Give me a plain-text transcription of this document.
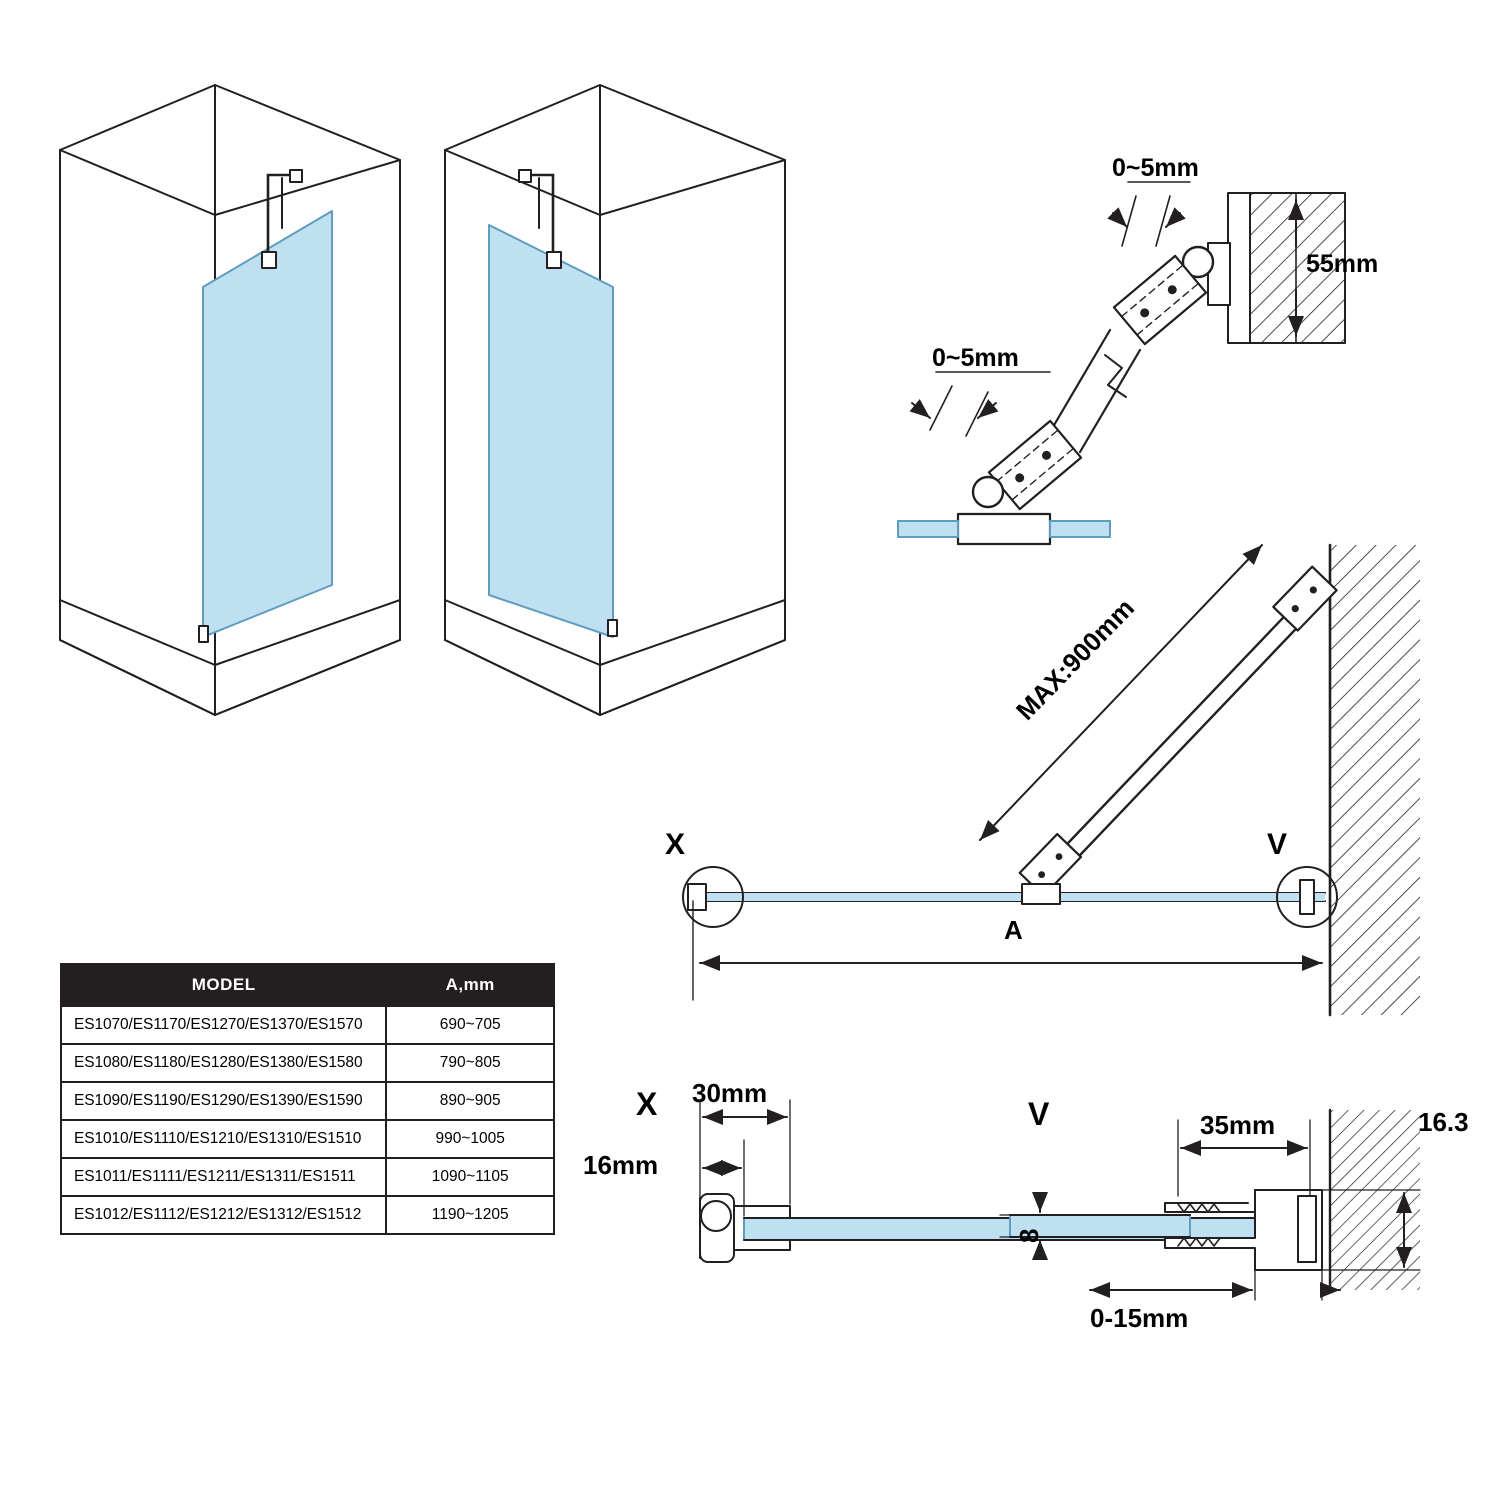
0~5mm
0~5mm
55mm
MAX:900mm
A
X	V
X	V
30mm
16mm
35mm	16.3
8
0-15mm
MODEL	A,mm
ES1070/ES1170/ES1270/ES1370/ES1570	690~705
ES1080/ES1180/ES1280/ES1380/ES1580	790~805
ES1090/ES1190/ES1290/ES1390/ES1590	890~905
ES1010/ES1110/ES1210/ES1310/ES1510	990~1005
ES1011/ES1111/ES1211/ES1311/ES1511	1090~1105
ES1012/ES1112/ES1212/ES1312/ES1512	1190~1205
